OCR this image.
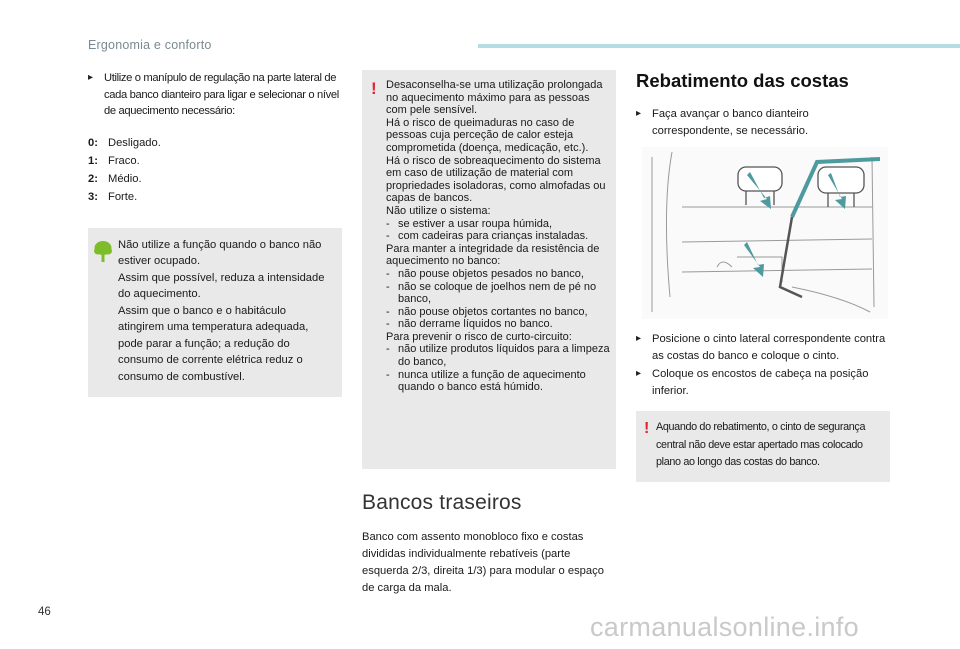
Ergonomia e conforto
▸ Utilize o manípulo de regulação na parte lateral de cada banco dianteiro para ligar e selecionar o nível de aquecimento necessário:
0: Desligado.
1: Fraco.
2: Médio.
3: Forte.

Não utilize a função quando o banco não estiver ocupado.

Assim que possível, reduza a intensidade do aquecimento.

Assim que o banco e o habitáculo atingirem uma temperatura adequada, pode parar a função; a redução do consumo de corrente elétrica reduz o consumo de combustível.

! Desaconselha-se uma utilização prolongada no aquecimento máximo para as pessoas com pele sensível.
Há o risco de queimaduras no caso de pessoas cuja perceção de calor esteja comprometida (doença, medicação, etc.).
Há o risco de sobreaquecimento do sistema em caso de utilização de material com propriedades isoladoras, como almofadas ou capas de bancos.
Não utilize o sistema:
- se estiver a usar roupa húmida,
- com cadeiras para crianças instaladas.
Para manter a integridade da resistência de aquecimento no banco:
- não pouse objetos pesados no banco,
- não se coloque de joelhos nem de pé no banco,
- não pouse objetos cortantes no banco,
- não derrame líquidos no banco.
Para prevenir o risco de curto-circuito:
- não utilize produtos líquidos para a limpeza do banco,
- nunca utilize a função de aquecimento quando o banco está húmido.
Bancos traseiros

Banco com assento monobloco fixo e costas divididas individualmente rebatíveis (parte esquerda 2/3, direita 1/3) para modular o espaço de carga da mala.

Rebatimento das costas
▸ Faça avançar o banco dianteiro correspondente, se necessário.
▸ Posicione o cinto lateral correspondente contra as costas do banco e coloque o cinto.
▸ Coloque os encostos de cabeça na posição inferior.
! Aquando do rebatimento, o cinto de segurança central não deve estar apertado mas colocado plano ao longo das costas do banco.
46	carmanualsonline.info
